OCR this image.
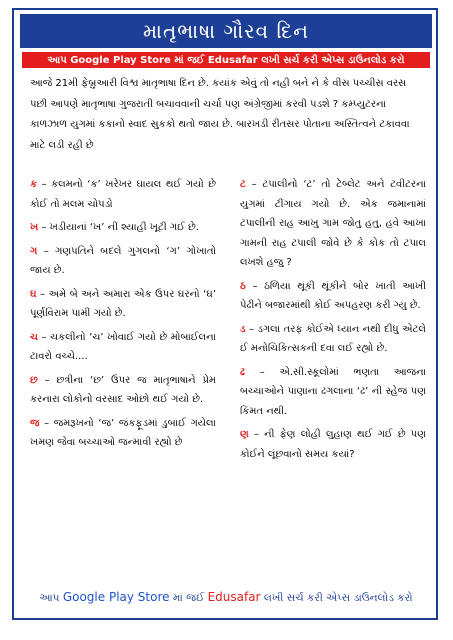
માતૃભાષા ગૌરવ દિન
આપ Google Play Store માં જઈ Edusafar લખી સર્ચ કરી એપ્સ ડાઉનલોડ કરો
આજે 21મી ફેબ્રુઆરી વિશ્વ માતૃભાષા દિન છે. કયાંક એવું તો નહી બને ને કે વીસ પચ્ચીસ વરસ પછી આપણે માતૃભાષા ગુજરાતી બચાવવાની ચર્ચા પણ અંગ્રેજીમાં કરવી પડશે ? કમ્પ્યુટરના કાળઝાળ યુગમાં કકાનો સ્વાદ સુકકો થતો જાય છે. બારખડી રીતસર પોતાના અસ્તિત્વને ટકાવવા માટે લડી રહી છે
ક – કલમનો ‘ક’ ખરેખર ઘાયલ થઈ ગયો છે કોઈ તો મલમ ચોપડો
ખ – ખડીયાનાં ‘ખ’ ની શ્યાહી ખૂટી ગઈ છે.
ગ – ગણપતિને બદલે ગુગલનો ‘ગ’ ગોખાતો જાય છે.
ઘ – અમે બે અને અમારા એક ઉપર ઘરનો ‘ઘ’ પૂર્ણવિરામ પામી ગયો છે.
ચ – ચકલીનો ‘ચ’ ખોવાઈ ગયો છે મોબાઈલના ટાવરો વચ્ચે....
છ – છત્રીના ‘છ’ ઉપર જ માતૃભાષાને પ્રેમ કરનારા લોકોનો વરસાદ ઓછો થઈ ગયો છે.
જ – જમરૂખનો ‘જ’ જંકફૂડમાં ડુબાઈ ગયેલા ખમણ જેવા બચ્ચાઓ જન્માવી રહ્યો છે
ટ – ટપાલીનો ‘ટ’ તો ટેબ્લેટ અને ટવીટરના યુગમાં ટીંગાય ગયો છે. એક જમાનામાં ટપાલીની રાહ આખુ ગામ જોતુ હતુ, હવે આખા ગામની રાહ ટપાલી જોવે છે કે કોક તો ટપાલ લખશે હજુ ?
ઠ – ઠળિયા થૂંકી થૂંકીને બોર ખાતી આખી પેઢીને બજારમાંથી કોઈ અપહરણ કરી ગ્યુ છે.
ડ – ડગલા તરફ કોઈએ ધ્યાન નથી દીધુ એટલે ઈ મનોચિકિત્સકની દવા લઈ રહ્યો છે.
ઢ – એ.સી.સ્કૂલોમાં ભણતા આજના બચ્ચાઓને પાણાના ઢગલાના ‘ઢ’ ની સ્હેજ પણ કિંમત નથી.
ણ – ની ફેણ લોહી લુહાણ થઈ ગઈ છે પણ કોઈને લૂંછવાનો સમય કયાં?
આપ Google Play Store માં જઈ Edusafar લખી સર્ચ કરી એપ્સ ડાઉનલોડ કરો
